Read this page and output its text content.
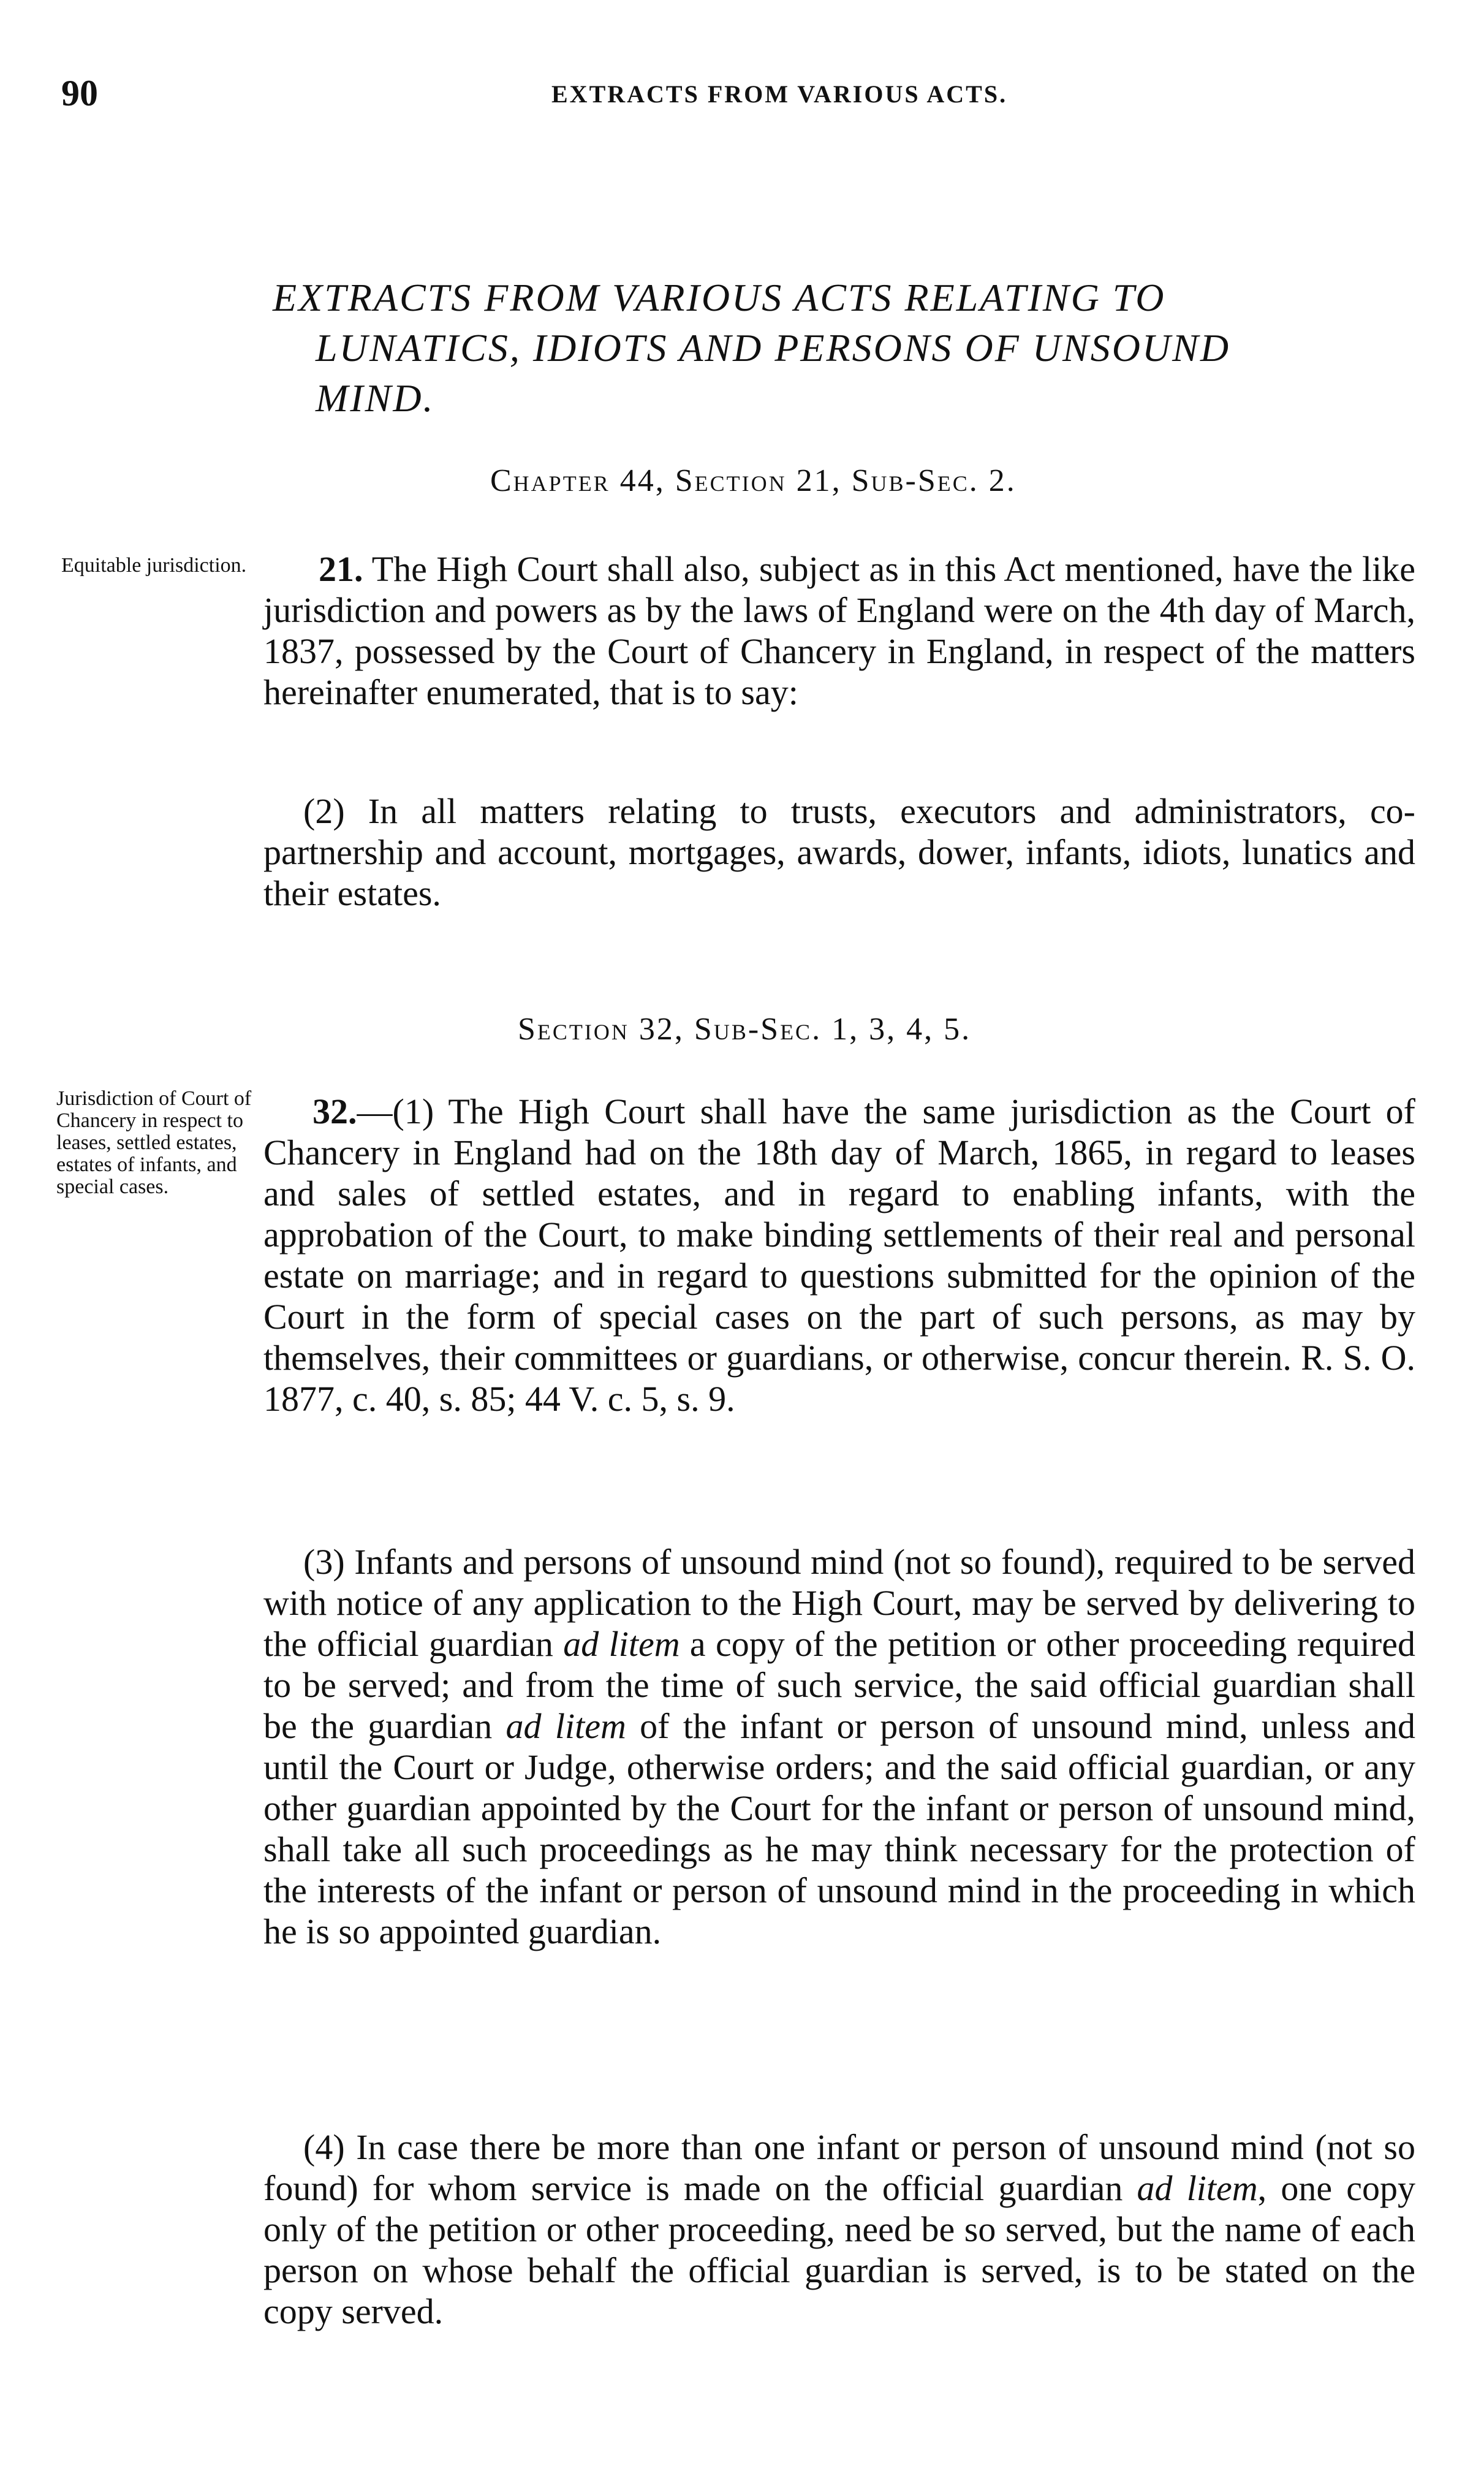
90	EXTRACTS FROM VARIOUS ACTS.
EXTRACTS FROM VARIOUS ACTS RELATING TO
LUNATICS, IDIOTS AND PERSONS OF UNSOUND
MIND.
Chapter 44, Section 21, Sub-Sec. 2.
Equitable jurisdiction.	21. The High Court shall also, subject as in this Act mentioned, have the like jurisdiction and powers as by the laws of England were on the 4th day of March, 1837, possessed by the Court of Chancery in England, in respect of the matters hereinafter enumerated, that is to say:
(2) In all matters relating to trusts, executors and administrators, co-partnership and account, mortgages, awards, dower, infants, idiots, lunatics and their estates.
Section 32, Sub-Sec. 1, 3, 4, 5.
Jurisdiction of Court of Chancery in respect to leases, settled estates, estates of infants, and special cases.
32.—(1) The High Court shall have the same jurisdiction as the Court of Chancery in England had on the 18th day of March, 1865, in regard to leases and sales of settled estates, and in regard to enabling infants, with the approbation of the Court, to make binding settlements of their real and personal estate on marriage; and in regard to questions submitted for the opinion of the Court in the form of special cases on the part of such persons, as may by themselves, their committees or guardians, or otherwise, concur therein. R. S. O. 1877, c. 40, s. 85; 44 V. c. 5, s. 9.
(3) Infants and persons of unsound mind (not so found), required to be served with notice of any application to the High Court, may be served by delivering to the official guardian ad litem a copy of the petition or other proceeding required to be served; and from the time of such service, the said official guardian shall be the guardian ad litem of the infant or person of unsound mind, unless and until the Court or Judge, otherwise orders; and the said official guardian, or any other guardian appointed by the Court for the infant or person of unsound mind, shall take all such proceedings as he may think necessary for the protection of the interests of the infant or person of unsound mind in the proceeding in which he is so appointed guardian.
(4) In case there be more than one infant or person of unsound mind (not so found) for whom service is made on the official guardian ad litem, one copy only of the petition or other proceeding, need be so served, but the name of each person on whose behalf the official guardian is served, is to be stated on the copy served.
